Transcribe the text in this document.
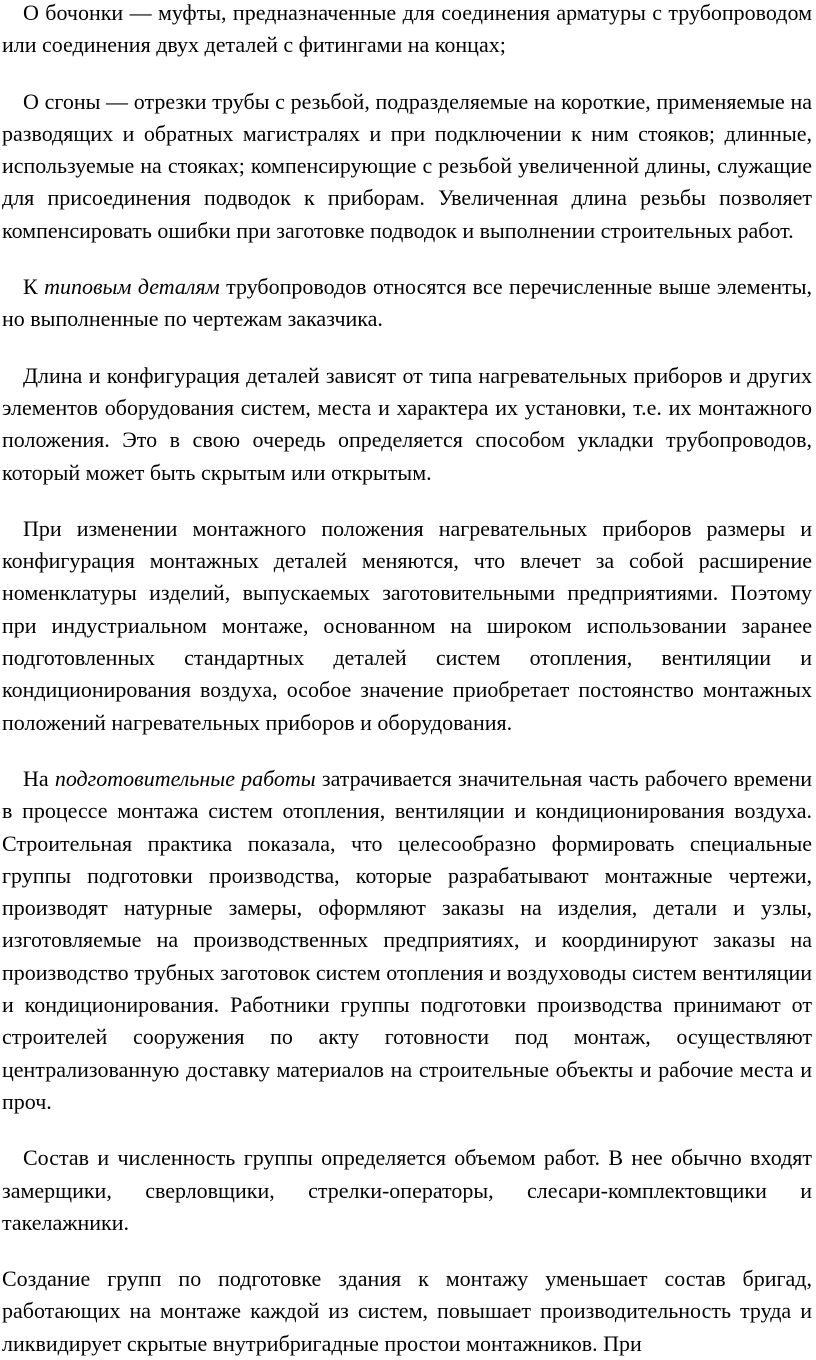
О бочонки — муфты, предназначенные для соединения арматуры с трубопроводом или соединения двух деталей с фитингами на концах;

О сгоны — отрезки трубы с резьбой, подразделяемые на короткие, применяемые на разводящих и обратных магистралях и при подключении к ним стояков; длинные, используемые на стояках; компенсирующие с резьбой увеличенной длины, служащие для присоединения подводок к приборам. Увеличенная длина резьбы позволяет компенсировать ошибки при заготовке подводок и выполнении строительных работ.

К типовым деталям трубопроводов относятся все перечисленные выше элементы, но выполненные по чертежам заказчика.

Длина и конфигурация деталей зависят от типа нагревательных приборов и других элементов оборудования систем, места и характера их установки, т.е. их монтажного положения. Это в свою очередь определяется способом укладки трубопроводов, который может быть скрытым или открытым.

При изменении монтажного положения нагревательных приборов размеры и конфигурация монтажных деталей меняются, что влечет за собой расширение номенклатуры изделий, выпускаемых заготовительными предприятиями. Поэтому при индустриальном монтаже, основанном на широком использовании заранее подготовленных стандартных деталей систем отопления, вентиляции и кондиционирования воздуха, особое значение приобретает постоянство монтажных положений нагревательных приборов и оборудования.

На подготовительные работы затрачивается значительная часть рабочего времени в процессе монтажа систем отопления, вентиляции и кондиционирования воздуха. Строительная практика показала, что целесообразно формировать специальные группы подготовки производства, которые разрабатывают монтажные чертежи, производят натурные замеры, оформляют заказы на изделия, детали и узлы, изготовляемые на производственных предприятиях, и координируют заказы на производство трубных заготовок систем отопления и воздуховоды систем вентиляции и кондиционирования. Работники группы подготовки производства принимают от строителей сооружения по акту готовности под монтаж, осуществляют централизованную доставку материалов на строительные объекты и рабочие места и проч.

Состав и численность группы определяется объемом работ. В нее обычно входят замерщики, сверловщики, стрелки-операторы, слесари-комплектовщики и такелажники.

Создание групп по подготовке здания к монтажу уменьшает состав бригад, работающих на монтаже каждой из систем, повышает производительность труда и ликвидирует скрытые внутрибригадные простои монтажников. При
